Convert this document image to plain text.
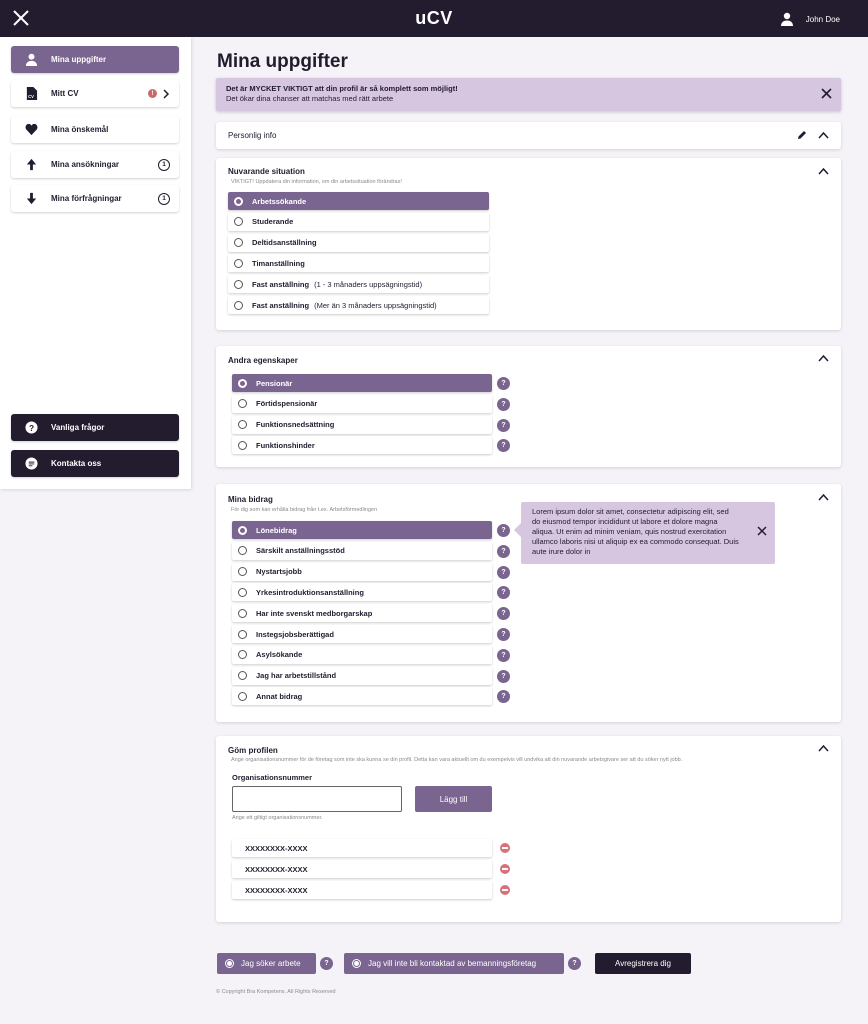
uCV	John Doe
Mina uppgifter
CV Mitt CV	!
Mina önskemål
Mina ansökningar	1
Mina förfrågningar	1
? Vanliga frågor
Kontakta oss
Mina uppgifter
Det är MYCKET VIKTIGT att din profil är så komplett som möjligt!
Det ökar dina chanser att matchas med rätt arbete
Personlig info
Nuvarande situation
VIKTIGT! Uppdatera din information, om din arbetssituation förändras!
Arbetssökande
Studerande
Deltidsanställning
Timanställning
Fast anställning (1 - 3 månaders uppsägningstid)
Fast anställning (Mer än 3 månaders uppsägningstid)
Andra egenskaper
Pensionär	?
Förtidspensionär	?
Funktionsnedsättning	?
Funktionshinder	?
Mina bidrag
För dig som kan erhålla bidrag från t.ex. Arbetsförmedlingen
Lönebidrag	?
Särskilt anställningsstöd	?
Nystartsjobb	?
Yrkesintroduktionsanställning	?
Har inte svenskt medborgarskap	?
Instegsjobsberättigad	?
Asylsökande	?
Jag har arbetstillstånd	?
Annat bidrag	?
Lorem ipsum dolor sit amet, consectetur adipiscing elit, sed do eiusmod tempor incididunt ut labore et dolore magna aliqua. Ut enim ad minim veniam, quis nostrud exercitation ullamco laboris nisi ut aliquip ex ea commodo consequat. Duis aute irure dolor in
Göm profilen
Ange organisationsnummer för de företag som inte ska kunna se din profil. Detta kan vara aktuellt om du exempelvis vill undvika att din nuvarande arbetsgivare ser att du söker nytt jobb.
Organisationsnummer
Lägg till
Ange ett giltigt organisationsnummer.
XXXXXXXX-XXXX
XXXXXXXX-XXXX
XXXXXXXX-XXXX
Jag söker arbete	?	Jag vill inte bli kontaktad av bemanningsföretag	?	Avregistrera dig
© Copyright Bra Kompetens. All Rights Reserved
